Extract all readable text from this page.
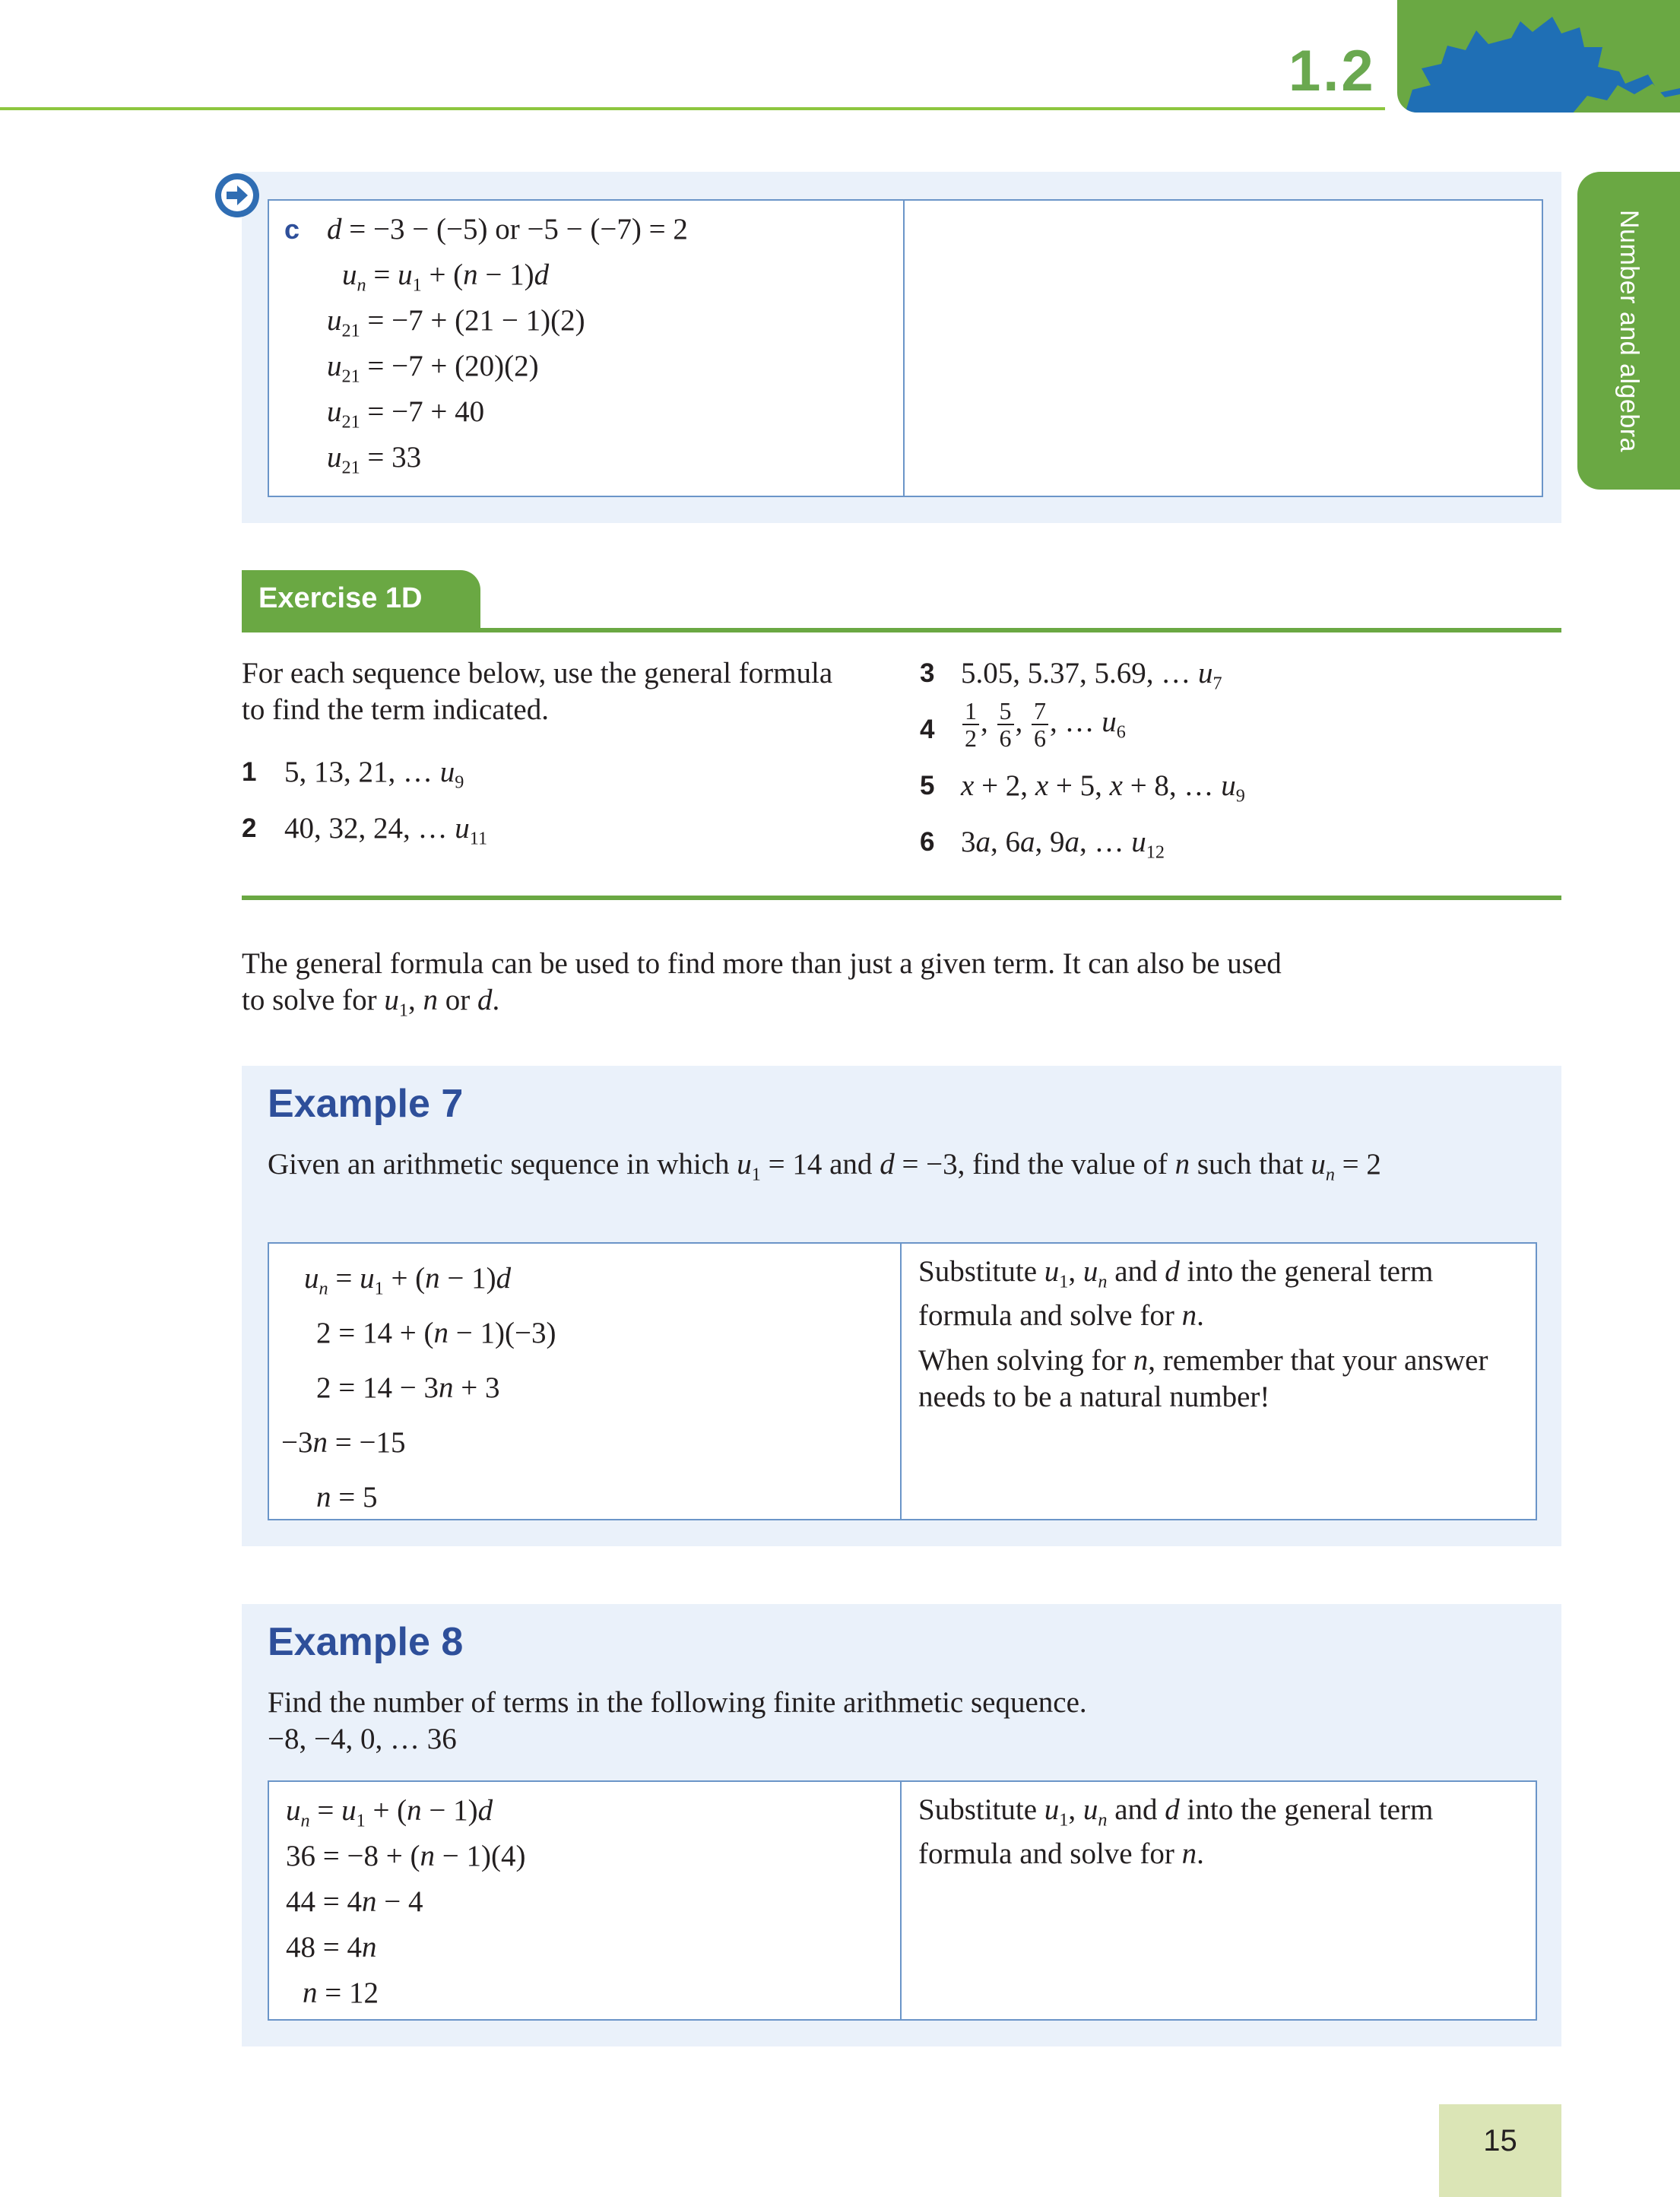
1.2
Number and algebra
c d = −3 − (−5) or −5 − (−7) = 2
$u_n = u_1 + (n - 1)d$
$u_{21} = -7 + (21 - 1)(2)$
$u_{21} = -7 + (20)(2)$
$u_{21} = -7 + 40$
$u_{21} = 33$
Exercise 1D
For each sequence below, use the general formula to find the term indicated.
1 5, 13, 21, … $u_9$
2 40, 32, 24, … $u_{11}$
3 5.05, 5.37, 5.69, … $u_7$
$4 \frac{1}{2}$ , $\frac{5}{6}$ , $\frac{7}{6}$ , … $u_6$
5 x + 2, x + 5, x + 8, … $u_9$
6 3a, 6a, 9a, … $u_{12}$
The general formula can be used to find more than just a given term. It can also be used to solve for $u_1$, n or d.
Example 7
Given an arithmetic sequence in which $u_1 = 14$ and d = −3, find the value of n such that $u_n = 2$
$u_n = u_1 + (n - 1)d$
2 = 14 + (n − 1)(−3)
2 = 14 − 3n + 3
−3n = −15
n = 5
Substitute $u_1$, $u_n$ and d into the general term formula and solve for n.
When solving for n, remember that your answer needs to be a natural number!
Example 8
Find the number of terms in the following finite arithmetic sequence.
−8, −4, 0, … 36
$u_n = u_1 + (n - 1)d$
36 = −8 + (n − 1)(4)
44 = 4n − 4
48 = 4n
n = 12
Substitute $u_1$, $u_n$ and d into the general term formula and solve for n.
15
